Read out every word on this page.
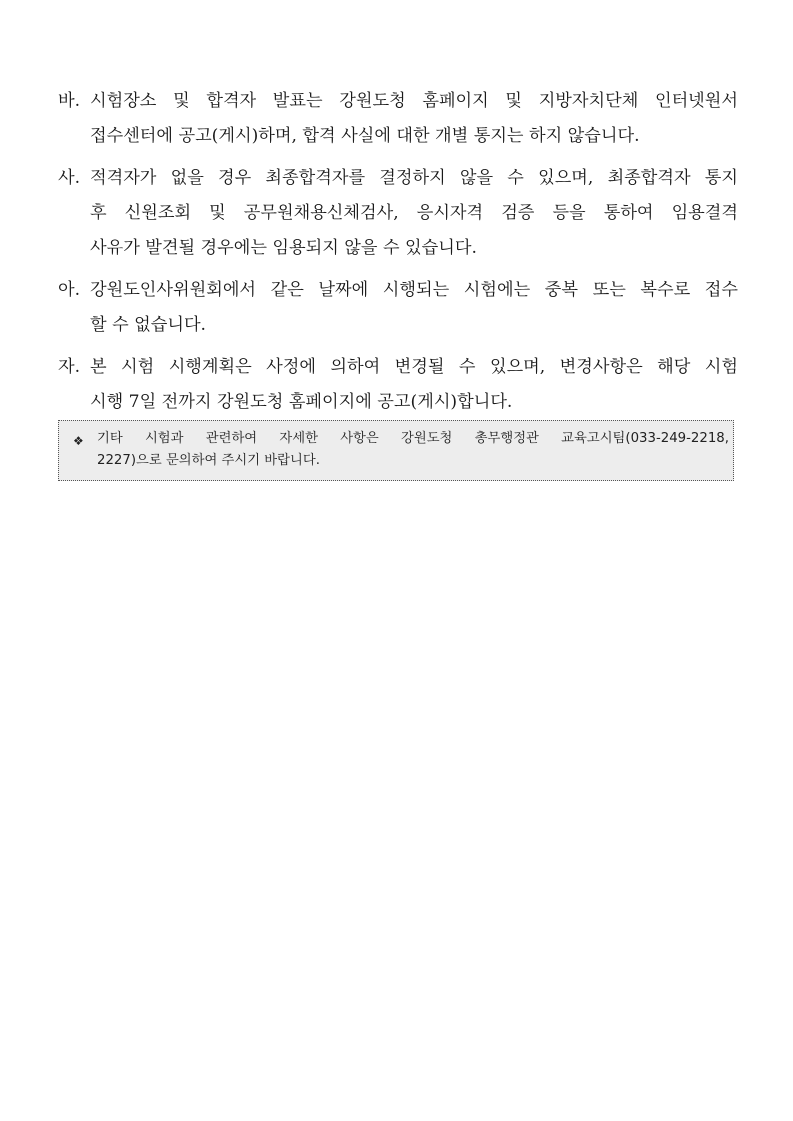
바. 시험장소 및 합격자 발표는 강원도청 홈페이지 및 지방자치단체 인터넷원서
접수센터에 공고(게시)하며, 합격 사실에 대한 개별 통지는 하지 않습니다.
사. 적격자가 없을 경우 최종합격자를 결정하지 않을 수 있으며, 최종합격자 통지
후 신원조회 및 공무원채용신체검사, 응시자격 검증 등을 통하여 임용결격
사유가 발견될 경우에는 임용되지 않을 수 있습니다.
아. 강원도인사위원회에서 같은 날짜에 시행되는 시험에는 중복 또는 복수로 접수
할 수 없습니다.
자. 본 시험 시행계획은 사정에 의하여 변경될 수 있으며, 변경사항은 해당 시험
시행 7일 전까지 강원도청 홈페이지에 공고(게시)합니다.
❖ 기타 시험과 관련하여 자세한 사항은 강원도청 총무행정관 교육고시팀(033-249-2218,
2227)으로 문의하여 주시기 바랍니다.
